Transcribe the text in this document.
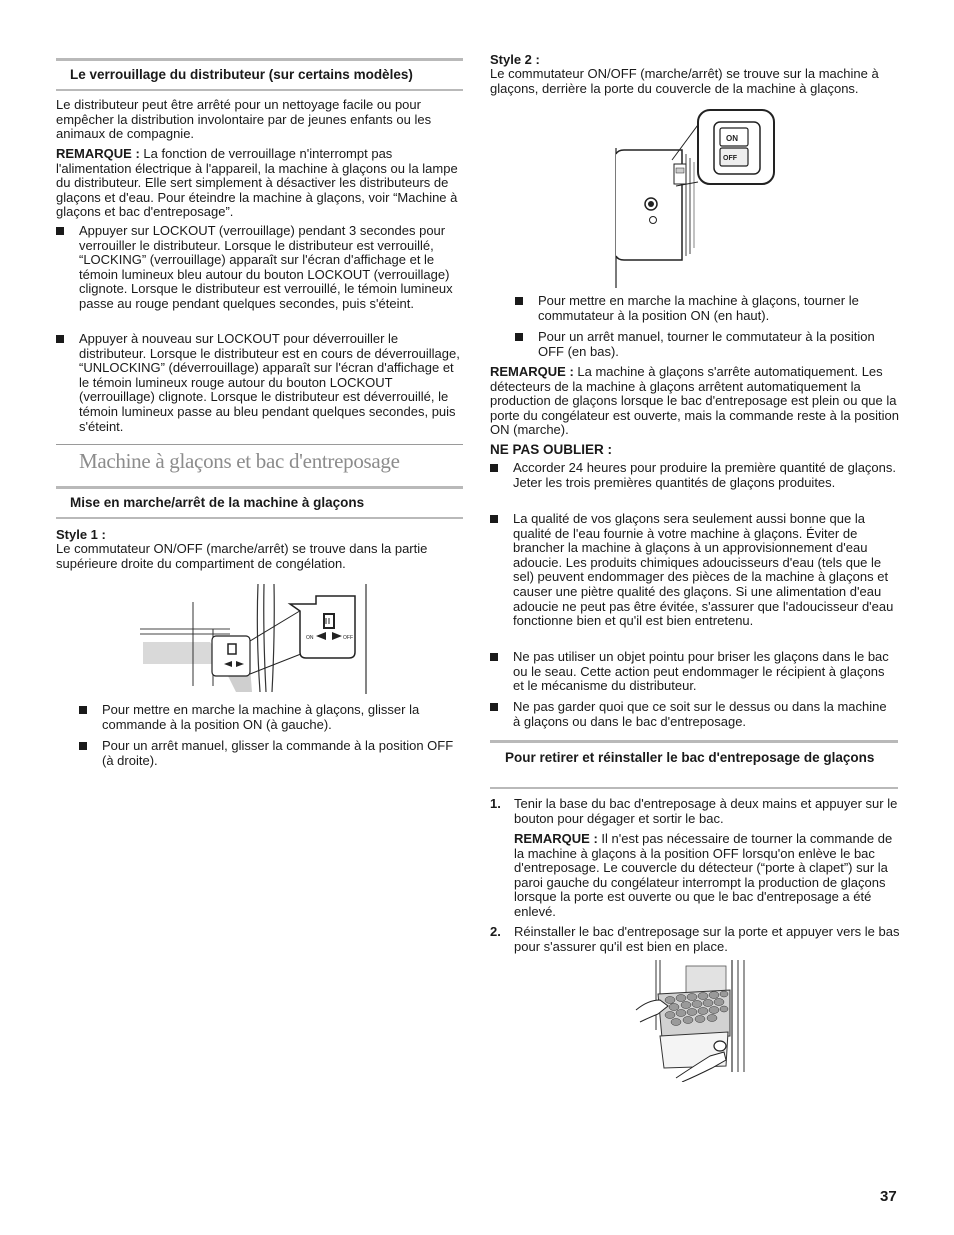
Le verrouillage du distributeur (sur certains modèles)

Le distributeur peut être arrêté pour un nettoyage facile ou pour empêcher la distribution involontaire par de jeunes enfants ou les animaux de compagnie.

REMARQUE : La fonction de verrouillage n'interrompt pas l'alimentation électrique à l'appareil, la machine à glaçons ou la lampe du distributeur. Elle sert simplement à désactiver les distributeurs de glaçons et d'eau. Pour éteindre la machine à glaçons, voir “Machine à glaçons et bac d'entreposage”.

Appuyer sur LOCKOUT (verrouillage) pendant 3 secondes pour verrouiller le distributeur. Lorsque le distributeur est verrouillé, “LOCKING” (verrouillage) apparaît sur l'écran d'affichage et le témoin lumineux bleu autour du bouton LOCKOUT (verrouillage) clignote. Lorsque le distributeur est verrouillé, le témoin lumineux passe au rouge pendant quelques secondes, puis s'éteint.
Appuyer à nouveau sur LOCKOUT pour déverrouiller le distributeur. Lorsque le distributeur est en cours de déverrouillage, “UNLOCKING” (déverrouillage) apparaît sur l'écran d'affichage et le témoin lumineux rouge autour du bouton LOCKOUT (verrouillage) clignote. Lorsque le distributeur est déverrouillé, le témoin lumineux passe au bleu pendant quelques secondes, puis s'éteint.
Machine à glaçons et bac d'entreposage
Mise en marche/arrêt de la machine à glaçons
Style 1 :

Le commutateur ON/OFF (marche/arrêt) se trouve dans la partie supérieure droite du compartiment de congélation.

ON	OFF
Pour mettre en marche la machine à glaçons, glisser la commande à la position ON (à gauche).
Pour un arrêt manuel, glisser la commande à la position OFF (à droite).
Style 2 :

Le commutateur ON/OFF (marche/arrêt) se trouve sur la machine à glaçons, derrière la porte du couvercle de la machine à glaçons.

ON
OFF
Pour mettre en marche la machine à glaçons, tourner le commutateur à la position ON (en haut).
Pour un arrêt manuel, tourner le commutateur à la position OFF (en bas).

REMARQUE : La machine à glaçons s'arrête automatiquement. Les détecteurs de la machine à glaçons arrêtent automatiquement la production de glaçons lorsque le bac d'entreposage est plein ou que la porte du congélateur est ouverte, mais la commande reste à la position ON (marche).

NE PAS OUBLIER :
Accorder 24 heures pour produire la première quantité de glaçons. Jeter les trois premières quantités de glaçons produites.
La qualité de vos glaçons sera seulement aussi bonne que la qualité de l'eau fournie à votre machine à glaçons. Éviter de brancher la machine à glaçons à un approvisionnement d'eau adoucie. Les produits chimiques adoucisseurs d'eau (tels que le sel) peuvent endommager des pièces de la machine à glaçons et causer une piètre qualité des glaçons. Si une alimentation d'eau adoucie ne peut pas être évitée, s'assurer que l'adoucisseur d'eau fonctionne bien et qu'il est bien entretenu.
Ne pas utiliser un objet pointu pour briser les glaçons dans le bac ou le seau. Cette action peut endommager le récipient à glaçons et le mécanisme du distributeur.
Ne pas garder quoi que ce soit sur le dessus ou dans la machine à glaçons ou dans le bac d'entreposage.
Pour retirer et réinstaller le bac d'entreposage de glaçons
1. Tenir la base du bac d'entreposage à deux mains et appuyer sur le bouton pour dégager et sortir le bac.

REMARQUE : Il n'est pas nécessaire de tourner la commande de la machine à glaçons à la position OFF lorsqu'on enlève le bac d'entreposage. Le couvercle du détecteur (“porte à clapet”) sur la paroi gauche du congélateur interrompt la production de glaçons lorsque la porte est ouverte ou que le bac d'entreposage a été enlevé.

2. Réinstaller le bac d'entreposage sur la porte et appuyer vers le bas pour s'assurer qu'il est bien en place.

37
